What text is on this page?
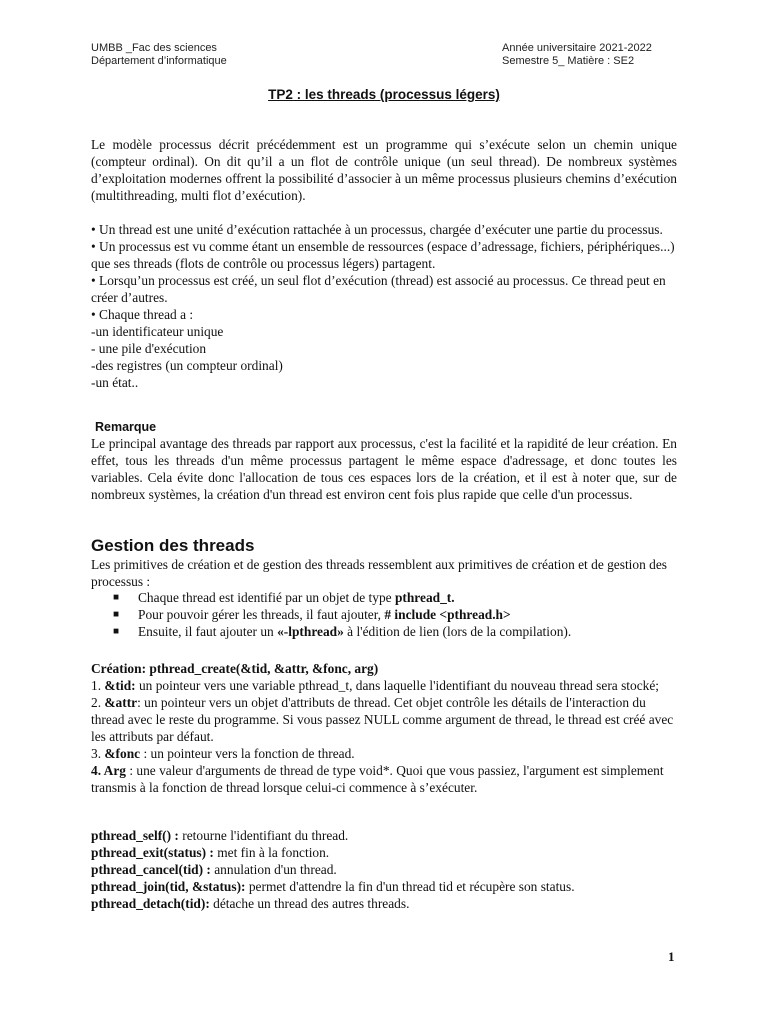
UMBB _Fac des sciences
Département d’informatique
Année universitaire 2021-2022
Semestre 5_ Matière : SE2
TP2 : les threads (processus légers)
Le modèle processus décrit précédemment est un programme qui s’exécute selon un chemin unique (compteur ordinal). On dit qu’il a un flot de contrôle unique (un seul thread). De nombreux systèmes d’exploitation modernes offrent la possibilité d’associer à un même processus plusieurs chemins d’exécution (multithreading, multi flot d’exécution).
• Un thread est une unité d’exécution rattachée à un processus, chargée d’exécuter une partie du processus.
• Un processus est vu comme étant un ensemble de ressources (espace d’adressage, fichiers, périphériques...) que ses threads (flots de contrôle ou processus légers) partagent.
• Lorsqu’un processus est créé, un seul flot d’exécution (thread) est associé au processus. Ce thread peut en créer d’autres.
• Chaque thread a :
-un identificateur unique
- une pile d'exécution
-des registres (un compteur ordinal)
-un état..
Remarque
Le principal avantage des threads par rapport aux processus, c'est la facilité et la rapidité de leur création. En effet, tous les threads d'un même processus partagent le même espace d'adressage, et donc toutes les variables. Cela évite donc l'allocation de tous ces espaces lors de la création, et il est à noter que, sur de nombreux systèmes, la création d'un thread est environ cent fois plus rapide que celle d'un processus.
Gestion des threads
Les primitives de création et de gestion des threads ressemblent aux primitives de création et de gestion des processus :
■	Chaque thread est identifié par un objet de type pthread_t.
■	Pour pouvoir gérer les threads, il faut ajouter, # include <pthread.h>
■	Ensuite, il faut ajouter un «-lpthread» à l'édition de lien (lors de la compilation).
Création: pthread_create(&tid, &attr, &fonc, arg)
1. &tid: un pointeur vers une variable pthread_t, dans laquelle l'identifiant du nouveau thread sera stocké;
2. &attr: un pointeur vers un objet d'attributs de thread. Cet objet contrôle les détails de l'interaction du thread avec le reste du programme. Si vous passez NULL comme argument de thread, le thread est créé avec les attributs par défaut.
3. &fonc : un pointeur vers la fonction de thread.
4. Arg : une valeur d'arguments de thread de type void*. Quoi que vous passiez, l'argument est simplement transmis à la fonction de thread lorsque celui-ci commence à s’exécuter.
pthread_self() : retourne l'identifiant du thread.
pthread_exit(status) : met fin à la fonction.
pthread_cancel(tid) : annulation d'un thread.
pthread_join(tid, &status): permet d'attendre la fin d'un thread tid et récupère son status.
pthread_detach(tid): détache un thread des autres threads.
1
